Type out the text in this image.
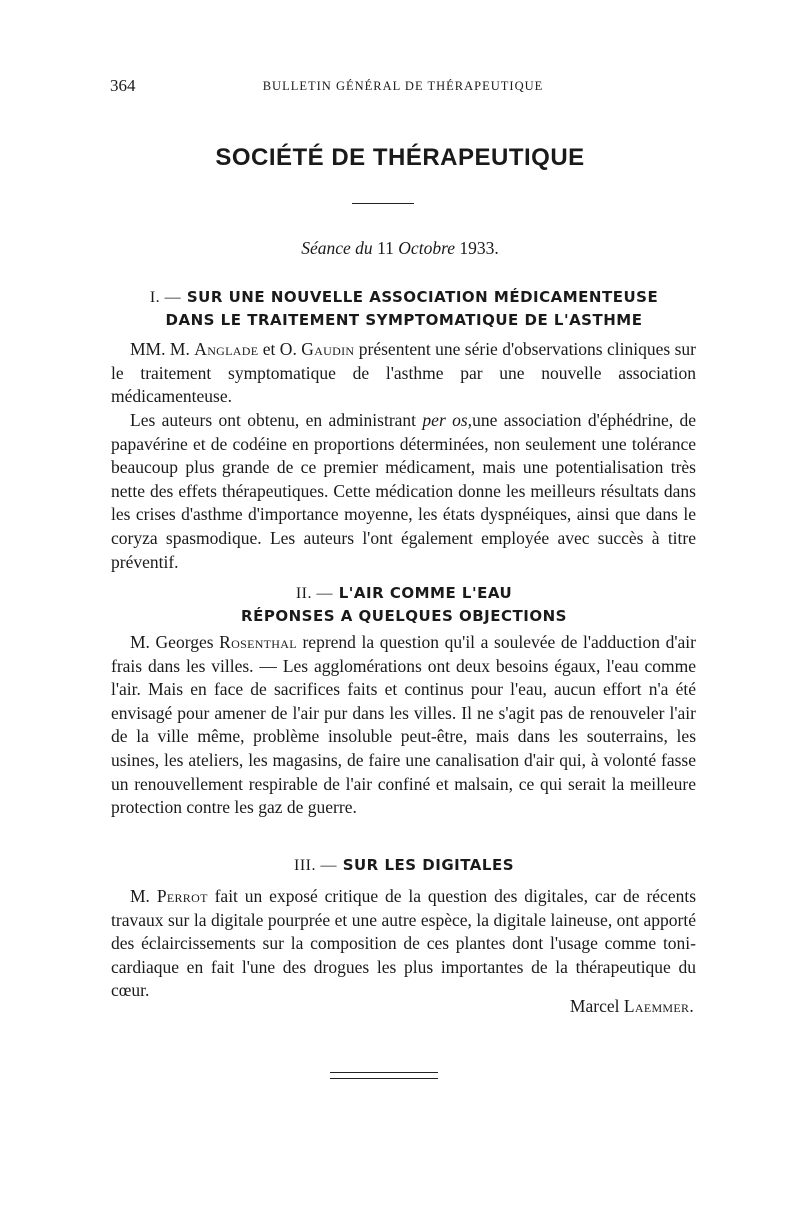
364	BULLETIN GÉNÉRAL DE THÉRAPEUTIQUE
SOCIÉTÉ DE THÉRAPEUTIQUE
Séance du 11 Octobre 1933.
I. — SUR UNE NOUVELLE ASSOCIATION MÉDICAMENTEUSE
DANS LE TRAITEMENT SYMPTOMATIQUE DE L'ASTHME

MM. M. Anglade et O. Gaudin présentent une série d'observations cliniques sur le traitement symptomatique de l'asthme par une nouvelle association médicamenteuse.

Les auteurs ont obtenu, en administrant per os,une association d'éphédrine, de papavérine et de codéine en proportions déterminées, non seulement une tolérance beaucoup plus grande de ce premier médicament, mais une potentialisation très nette des effets thérapeutiques. Cette médication donne les meilleurs résultats dans les crises d'asthme d'importance moyenne, les états dyspnéiques, ainsi que dans le coryza spasmodique. Les auteurs l'ont également employée avec succès à titre préventif.

II. — L'AIR COMME L'EAU
RÉPONSES A QUELQUES OBJECTIONS

M. Georges Rosenthal reprend la question qu'il a soulevée de l'adduction d'air frais dans les villes. — Les agglomérations ont deux besoins égaux, l'eau comme l'air. Mais en face de sacrifices faits et continus pour l'eau, aucun effort n'a été envisagé pour amener de l'air pur dans les villes. Il ne s'agit pas de renouveler l'air de la ville même, problème insoluble peut-être, mais dans les souterrains, les usines, les ateliers, les magasins, de faire une canalisation d'air qui, à volonté fasse un renouvellement respirable de l'air confiné et malsain, ce qui serait la meilleure protection contre les gaz de guerre.

III. — SUR LES DIGITALES

M. Perrot fait un exposé critique de la question des digitales, car de récents travaux sur la digitale pourprée et une autre espèce, la digitale laineuse, ont apporté des éclaircissements sur la composition de ces plantes dont l'usage comme toni-cardiaque en fait l'une des drogues les plus importantes de la thérapeutique du cœur.

Marcel Laemmer.
